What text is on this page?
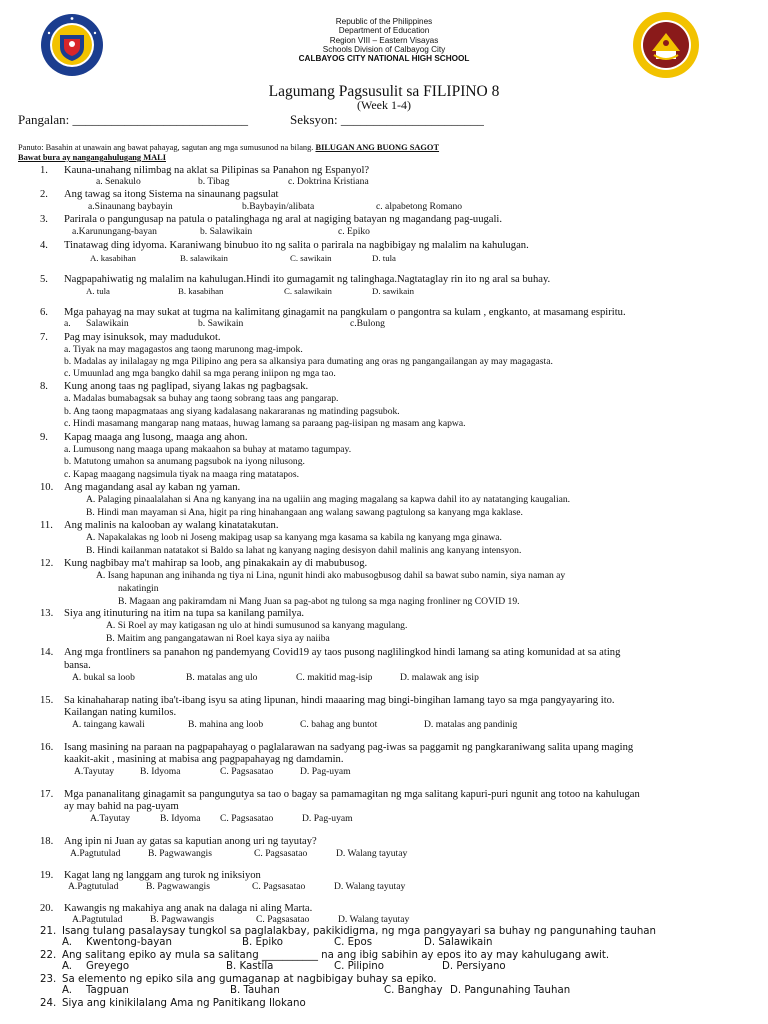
Republic of the Philippines
Department of Education
Region VIII – Eastern Visayas
Schools Division of Calbayog City
CALBAYOG CITY NATIONAL HIGH SCHOOL
Lagumang Pagsusulit sa FILIPINO 8
(Week 1-4)
Pangalan: ___________________________	Seksyon: ______________________
Panuto: Basahin at unawain ang bawat pahayag, sagutan ang mga sumusunod na bilang. BILUGAN ANG BUONG SAGOT
Bawat bura ay nangangahulugang MALI
1. Kauna-unahang nilimbag na aklat sa Pilipinas sa Panahon ng Espanyol?
a. Senakulo	b. Tibag	c. Doktrina Kristiana
2. Ang tawag sa itong Sistema na sinaunang pagsulat
a.Sinaunang baybayin	b.Baybayin/alibata	c. alpabetong Romano
3. Parirala o pangungusap na patula o patalinghaga ng aral at nagiging batayan ng magandang pag-uugali.
a.Karunungang-bayan	b. Salawikain	c. Epiko
4. Tinatawag ding idyoma. Karaniwang binubuo ito ng salita o parirala na nagbibigay ng malalim na kahulugan.
A. kasabihan	B. salawikain	C. sawikain	D. tula
5. Nagpapahiwatig ng malalim na kahulugan.Hindi ito gumagamit ng talinghaga.Nagtataglay rin ito ng aral sa buhay.
A. tula	B. kasabihan	C. salawikain	D. sawikain
6. Mga pahayag na may sukat at tugma na kalimitang ginagamit na pangkulam o pangontra sa kulam , engkanto, at masamang espiritu.
a. Salawikain	b. Sawikain	c.Bulong
7. Pag may isinuksok, may madudukot.
a. Tiyak na may magagastos ang taong marunong mag-impok.
b. Madalas ay inilalagay ng mga Pilipino ang pera sa alkansiya para dumating ang oras ng pangangailangan ay may magagasta.
c. Umuunlad ang mga bangko dahil sa mga perang iniipon ng mga tao.
8. Kung anong taas ng paglipad, siyang lakas ng pagbagsak.
a. Madalas bumabagsak sa buhay ang taong sobrang taas ang pangarap.
b. Ang taong mapagmataas ang siyang kadalasang nakararanas ng matinding pagsubok.
c. Hindi masamang mangarap nang mataas, huwag lamang sa paraang pag-iisipan ng masam ang kapwa.
9. Kapag maaga ang lusong, maaga ang ahon.
a. Lumusong nang maaga upang makaahon sa buhay at matamo tagumpay.
b. Matutong umahon sa anumang pagsubok na iyong nilusong.
c. Kapag maagang nagsimula tiyak na maaga ring matatapos.
10. Ang magandang asal ay kaban ng yaman.
A. Palaging pinaalalahan si Ana ng kanyang ina na ugaliin ang maging magalang sa kapwa dahil ito ay natatanging kaugalian.
B. Hindi man mayaman si Ana, higit pa ring hinahangaan ang walang sawang pagtulong sa kanyang mga kaklase.
11. Ang malinis na kalooban ay walang kinatatakutan.
A. Napakalakas ng loob ni Joseng makipag usap sa kanyang mga kasama sa kabila ng kanyang mga ginawa.
B. Hindi kailanman natatakot si Baldo sa lahat ng kanyang naging desisyon dahil malinis ang kanyang intensyon.
12. Kung nagbibay ma't mahirap sa loob, ang pinakakain ay di mabubusog.
A. Isang hapunan ang inihanda ng tiya ni Lina, ngunit hindi ako mabusogbusog dahil sa bawat subo namin, siya naman ay
nakatingin
B. Magaan ang pakiramdam ni Mang Juan sa pag-abot ng tulong sa mga naging fronliner ng COVID 19.
13. Siya ang itinuturing na itim na tupa sa kanilang pamilya.
A. Si Roel ay may katigasan ng ulo at hindi sumusunod sa kanyang magulang.
B. Maitim ang pangangatawan ni Roel kaya siya ay naiiba
14. Ang mga frontliners sa panahon ng pandemyang Covid19 ay taos pusong naglilingkod hindi lamang sa ating komunidad at sa ating
bansa.
A. bukal sa loob	B. matalas ang ulo	C. makitid mag-isip	D. malawak ang isip
15. Sa kinahaharap nating iba't-ibang isyu sa ating lipunan, hindi maaaring mag bingi-bingihan lamang tayo sa mga pangyayaring ito.
Kailangan nating kumilos.
A. taingang kawali	B. mahina ang loob	C. bahag ang buntot	D. matalas ang pandinig
16. Isang masining na paraan na pagpapahayag o paglalarawan na sadyang pag-iwas sa paggamit ng pangkaraniwang salita upang maging
kaakit-akit , masining at mabisa ang pagpapahayag ng damdamin.
A.Tayutay	B. Idyoma	C. Pagsasatao	D. Pag-uyam
17. Mga pananalitang ginagamit sa pangungutya sa tao o bagay sa pamamagitan ng mga salitang kapuri-puri ngunit ang totoo na kahulugan
ay may bahid na pag-uyam
A.Tayutay	B. Idyoma C. Pagsasatao	D. Pag-uyam
18. Ang ipin ni Juan ay gatas sa kaputian anong uri ng tayutay?
A.Pagtutulad	B. Pagwawangis	C. Pagsasatao	D. Walang tayutay
19. Kagat lang ng langgam ang turok ng iniksiyon
A.Pagtutulad	B. Pagwawangis	C. Pagsasatao	D. Walang tayutay
20. Kawangis ng makahiya ang anak na dalaga ni aling Marta.
A.Pagtutulad	B. Pagwawangis	C. Pagsasatao	D. Walang tayutay
21. Isang tulang pasalaysay tungkol sa paglalakbay, pakikidigma, ng mga pangyayari sa buhay ng pangunahing tauhan
A. Kwentong-bayan	B. Epiko	C. Epos	D. Salawikain
22. Ang salitang epiko ay mula sa salitang ___________ na ang ibig sabihin ay epos ito ay may kahulugang awit.
A. Greyego	B. Kastila	C. Pilipino	D. Persiyano
23. Sa elemento ng epiko sila ang gumaganap at nagbibigay buhay sa epiko.
A. Tagpuan	B. Tauhan	C. Banghay D. Pangunahing Tauhan
24. Siya ang kinikilalang Ama ng Panitikang Ilokano
